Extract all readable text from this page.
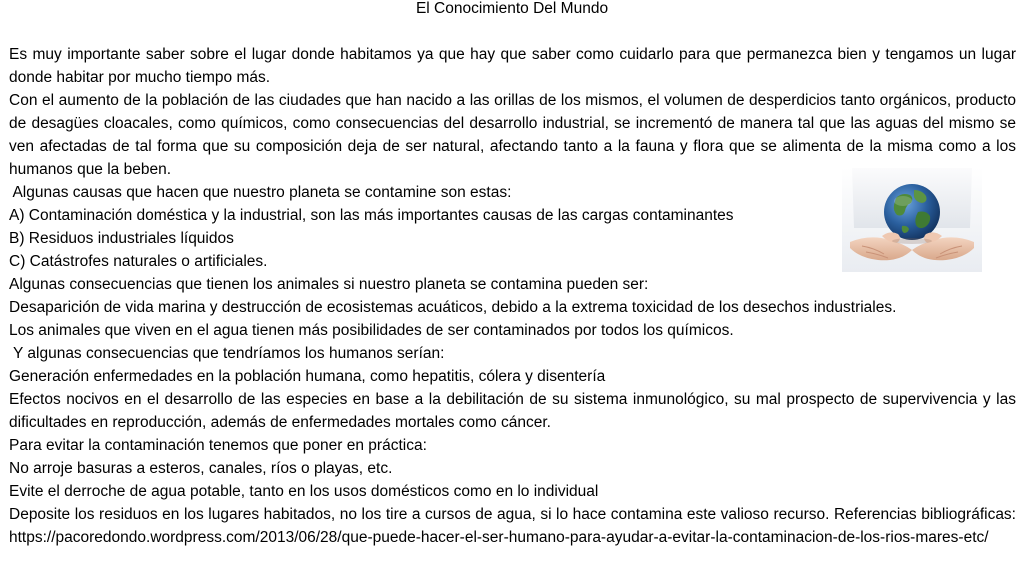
El Conocimiento Del Mundo

Es muy importante saber sobre el lugar donde habitamos ya que hay que saber como cuidarlo para que permanezca bien y tengamos un lugar donde habitar por mucho tiempo más.

Con el aumento de la población de las ciudades que han nacido a las orillas de los mismos, el volumen de desperdicios tanto orgánicos, producto de desagües cloacales, como químicos, como consecuencias del desarrollo industrial, se incrementó de manera tal que las aguas del mismo se ven afectadas de tal forma que su composición deja de ser natural, afectando tanto a la fauna y flora que se alimenta de la misma como a los humanos que la beben.

Algunas causas que hacen que nuestro planeta se contamine son estas:

A) Contaminación doméstica y la industrial, son las más importantes causas de las cargas contaminantes

B) Residuos industriales líquidos

C) Catástrofes naturales o artificiales.

Algunas consecuencias que tienen los animales si nuestro planeta se contamina pueden ser:

Desaparición de vida marina y destrucción de ecosistemas acuáticos, debido a la extrema toxicidad de los desechos industriales.

Los animales que viven en el agua tienen más posibilidades de ser contaminados por todos los químicos.

Y algunas consecuencias que tendríamos los humanos serían:

Generación enfermedades en la población humana, como hepatitis, cólera y disentería

Efectos nocivos en el desarrollo de las especies en base a la debilitación de su sistema inmunológico, su mal prospecto de supervivencia y las dificultades en reproducción, además de enfermedades mortales como cáncer.

Para evitar la contaminación tenemos que poner en práctica:

No arroje basuras a esteros, canales, ríos o playas, etc.

Evite el derroche de agua potable, tanto en los usos domésticos como en lo individual

Deposite los residuos en los lugares habitados, no los tire a cursos de agua, si lo hace contamina este valioso recurso. Referencias bibliográficas: https://pacoredondo.wordpress.com/2013/06/28/que-puede-hacer-el-ser-humano-para-ayudar-a-evitar-la-contaminacion-de-los-rios-mares-etc/
